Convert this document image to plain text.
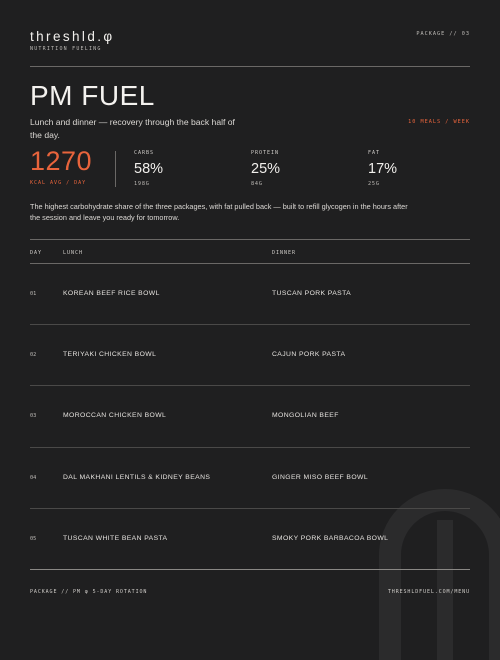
threshld.φ
NUTRITION FUELING
PACKAGE // 03
PM FUEL
Lunch and dinner — recovery through the back half of the day.
10 MEALS / WEEK
1270
KCAL AVG / DAY
CARBS
58%
198G
PROTEIN
25%
84G
FAT
17%
25G
The highest carbohydrate share of the three packages, with fat pulled back — built to refill glycogen in the hours after the session and leave you ready for tomorrow.
DAY	LUNCH	DINNER
01	KOREAN BEEF RICE BOWL	TUSCAN PORK PASTA
02	TERIYAKI CHICKEN BOWL	CAJUN PORK PASTA
03	MOROCCAN CHICKEN BOWL	MONGOLIAN BEEF
04	DAL MAKHANI LENTILS & KIDNEY BEANS	GINGER MISO BEEF BOWL
05	TUSCAN WHITE BEAN PASTA	SMOKY PORK BARBACOA BOWL
PACKAGE // PM φ 5-DAY ROTATION	THRESHLDFUEL.COM/MENU
